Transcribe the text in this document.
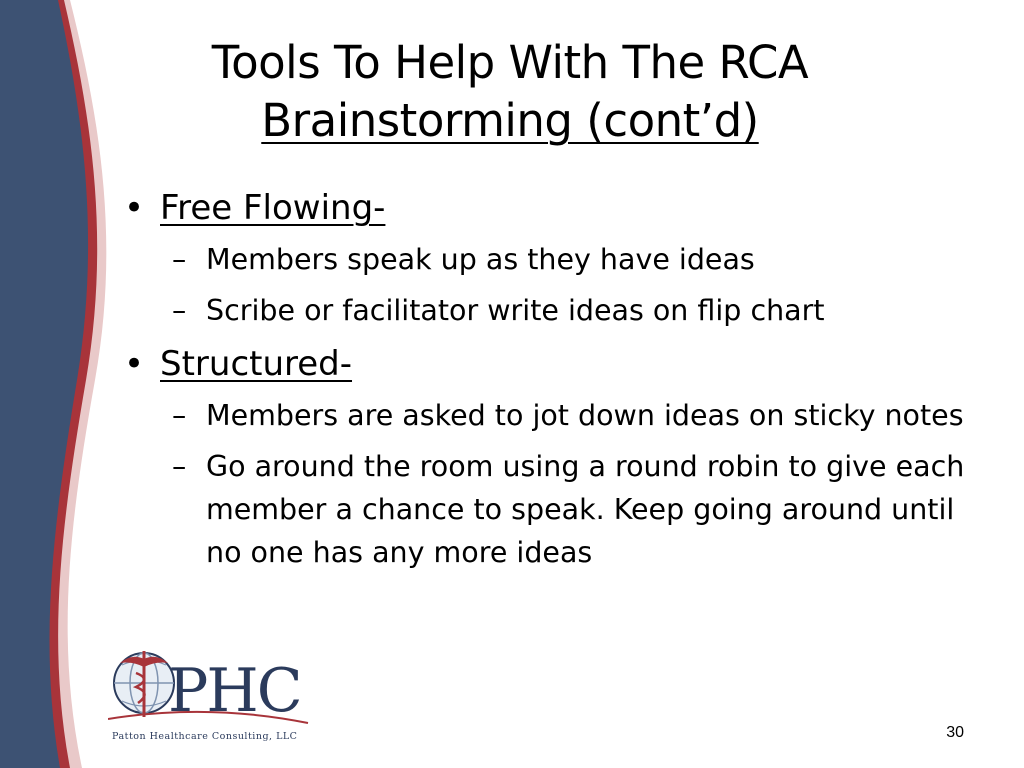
Tools To Help With The RCA
Brainstorming (cont’d)
• Free Flowing-
– Members speak up as they have ideas
– Scribe or facilitator write ideas on flip chart
• Structured-
– Members are asked to jot down ideas on sticky notes
– Go around the room using a round robin to give each member a chance to speak. Keep going around until no one has any more ideas
PHC
Patton Healthcare Consulting, LLC	30
